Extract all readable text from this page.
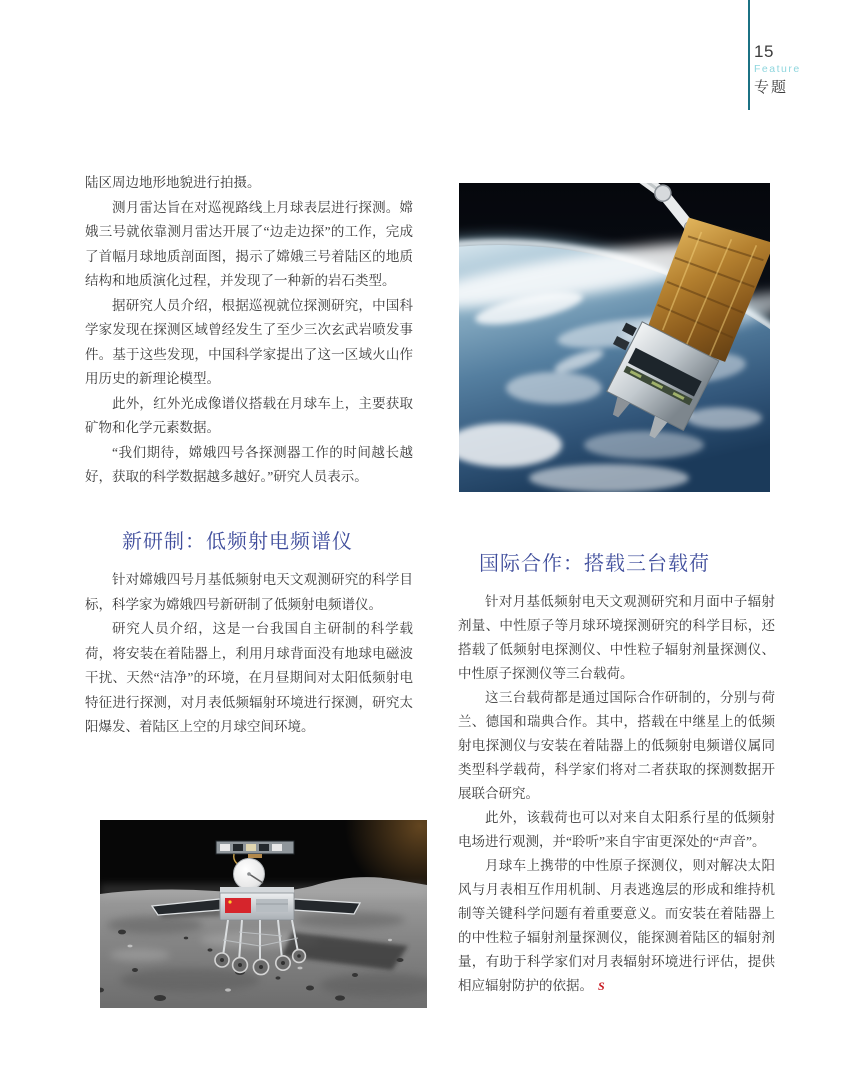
15
Feature
专题

陆区周边地形地貌进行拍摄。

测月雷达旨在对巡视路线上月球表层进行探测。嫦娥三号就依靠测月雷达开展了“边走边探”的工作，完成了首幅月球地质剖面图，揭示了嫦娥三号着陆区的地质结构和地质演化过程，并发现了一种新的岩石类型。

据研究人员介绍，根据巡视就位探测研究，中国科学家发现在探测区域曾经发生了至少三次玄武岩喷发事件。基于这些发现，中国科学家提出了这一区域火山作用历史的新理论模型。

此外，红外光成像谱仪搭载在月球车上，主要获取矿物和化学元素数据。

“我们期待，嫦娥四号各探测器工作的时间越长越好，获取的科学数据越多越好。”研究人员表示。

新研制：低频射电频谱仪

针对嫦娥四号月基低频射电天文观测研究的科学目标，科学家为嫦娥四号新研制了低频射电频谱仪。

研究人员介绍，这是一台我国自主研制的科学载荷，将安装在着陆器上，利用月球背面没有地球电磁波干扰、天然“洁净”的环境，在月昼期间对太阳低频射电特征进行探测，对月表低频辐射环境进行探测，研究太阳爆发、着陆区上空的月球空间环境。

国际合作：搭载三台载荷

针对月基低频射电天文观测研究和月面中子辐射剂量、中性原子等月球环境探测研究的科学目标，还搭载了低频射电探测仪、中性粒子辐射剂量探测仪、中性原子探测仪等三台载荷。

这三台载荷都是通过国际合作研制的，分别与荷兰、德国和瑞典合作。其中，搭载在中继星上的低频射电探测仪与安装在着陆器上的低频射电频谱仪属同类型科学载荷，科学家们将对二者获取的探测数据开展联合研究。

此外，该载荷也可以对来自太阳系行星的低频射电场进行观测，并“聆听”来自宇宙更深处的“声音”。

月球车上携带的中性原子探测仪，则对解决太阳风与月表相互作用机制、月表逃逸层的形成和维持机制等关键科学问题有着重要意义。而安装在着陆器上的中性粒子辐射剂量探测仪，能探测着陆区的辐射剂量，有助于科学家们对月表辐射环境进行评估，提供相应辐射防护的依据。 S
